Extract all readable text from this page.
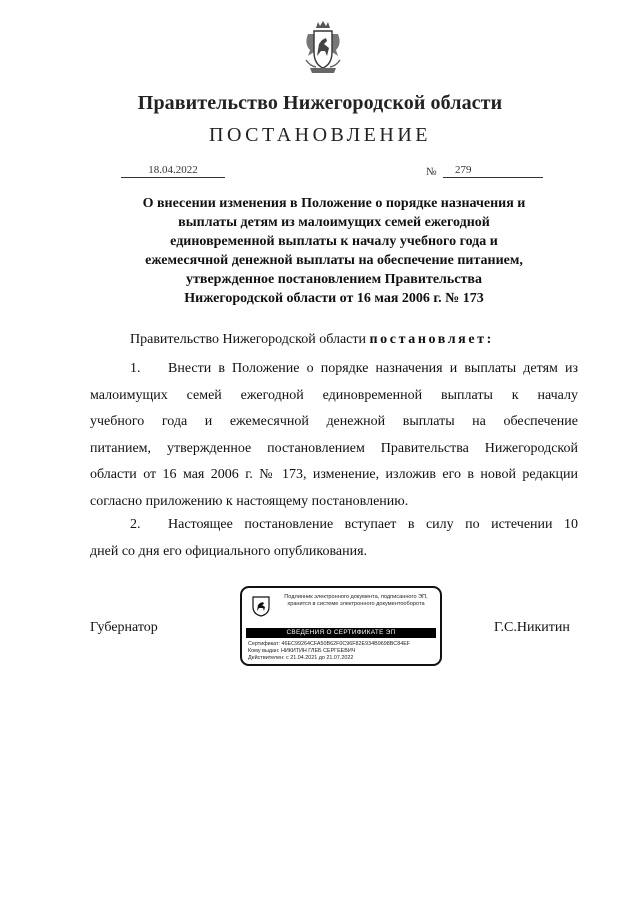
Правительство Нижегородской области
ПОСТАНОВЛЕНИЕ
18.04.2022	№	279
О внесении изменения в Положение о порядке назначения и
выплаты детям из малоимущих семей ежегодной
единовременной выплаты к началу учебного года и
ежемесячной денежной выплаты на обеспечение питанием,
утвержденное постановлением Правительства
Нижегородской области от 16 мая 2006 г. № 173
Правительство Нижегородской области постановляет:
1. Внести в Положение о порядке назначения и выплаты детям из
малоимущих семей ежегодной единовременной выплаты к началу
учебного года и ежемесячной денежной выплаты на обеспечение
питанием, утвержденное постановлением Правительства Нижегородской
области от 16 мая 2006 г. № 173, изменение, изложив его в новой редакции
согласно приложению к настоящему постановлению.
2. Настоящее постановление вступает в силу по истечении 10
дней со дня его официального опубликования.
Губернатор
Подлинник электронного документа, подписанного ЭП,
хранится в системе электронного документооборота
СВЕДЕНИЯ О СЕРТИФИКАТЕ ЭП
Сертификат: 46EC99264CFA50B62F0C96F82E934B9698BC84EF
Кому выдан: НИКИТИН ГЛЕБ СЕРГЕЕВИЧ
Действителен: с 21.04.2021 до 21.07.2022
Г.С.Никитин
